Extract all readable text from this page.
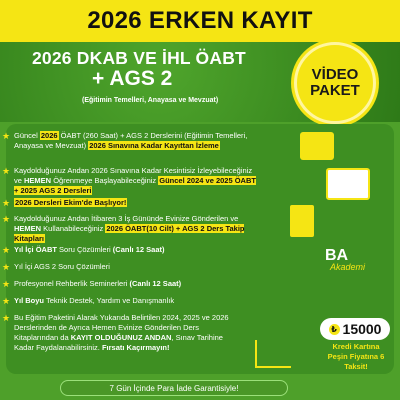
2026 ERKEN KAYIT
2026 DKAB VE İHL ÖABT
+ AGS 2
(Eğitimin Temelleri, Anayasa ve Mevzuat)
VİDEO
PAKET
★ Güncel 2026 ÖABT (260 Saat) + AGS 2 Derslerini (Eğitimin Temelleri, Anayasa ve Mevzuat) 2026 Sınavına Kadar Kayıttan İzleme
★ Kaydolduğunuz Andan 2026 Sınavına Kadar Kesintisiz İzleyebileceğiniz ve HEMEN Öğrenmeye Başlayabileceğiniz Güncel 2024 ve 2025 ÖABT + 2025 AGS 2 Dersleri
★ 2026 Dersleri Ekim'de Başlıyor!
★ Kaydolduğunuz Andan İtibaren 3 İş Gününde Evinize Gönderilen ve HEMEN Kullanabileceğiniz 2026 ÖABT(10 Cilt) + AGS 2 Ders Takip Kitapları
★ Yıl İçi ÖABT Soru Çözümleri (Canlı 12 Saat)
★ Yıl İçi AGS 2 Soru Çözümleri
★ Profesyonel Rehberlik Seminerleri (Canlı 12 Saat)
★ Yıl Boyu Teknik Destek, Yardım ve Danışmanlık
★ Bu Eğitim Paketini Alarak Yukarıda Belirtilen 2024, 2025 ve 2026 Derslerinden de Ayrıca Hemen Evinize Gönderilen Ders Kitaplarından da KAYIT OLDUĞUNUZ ANDAN, Sınav Tarihine Kadar Faydalanabilirsiniz. Fırsatı Kaçırmayın!
BA
Akademi
₺ 15000
Kredi Kartına Peşin Fiyatına 6 Taksit!
7 Gün İçinde Para İade Garantisiyle!
